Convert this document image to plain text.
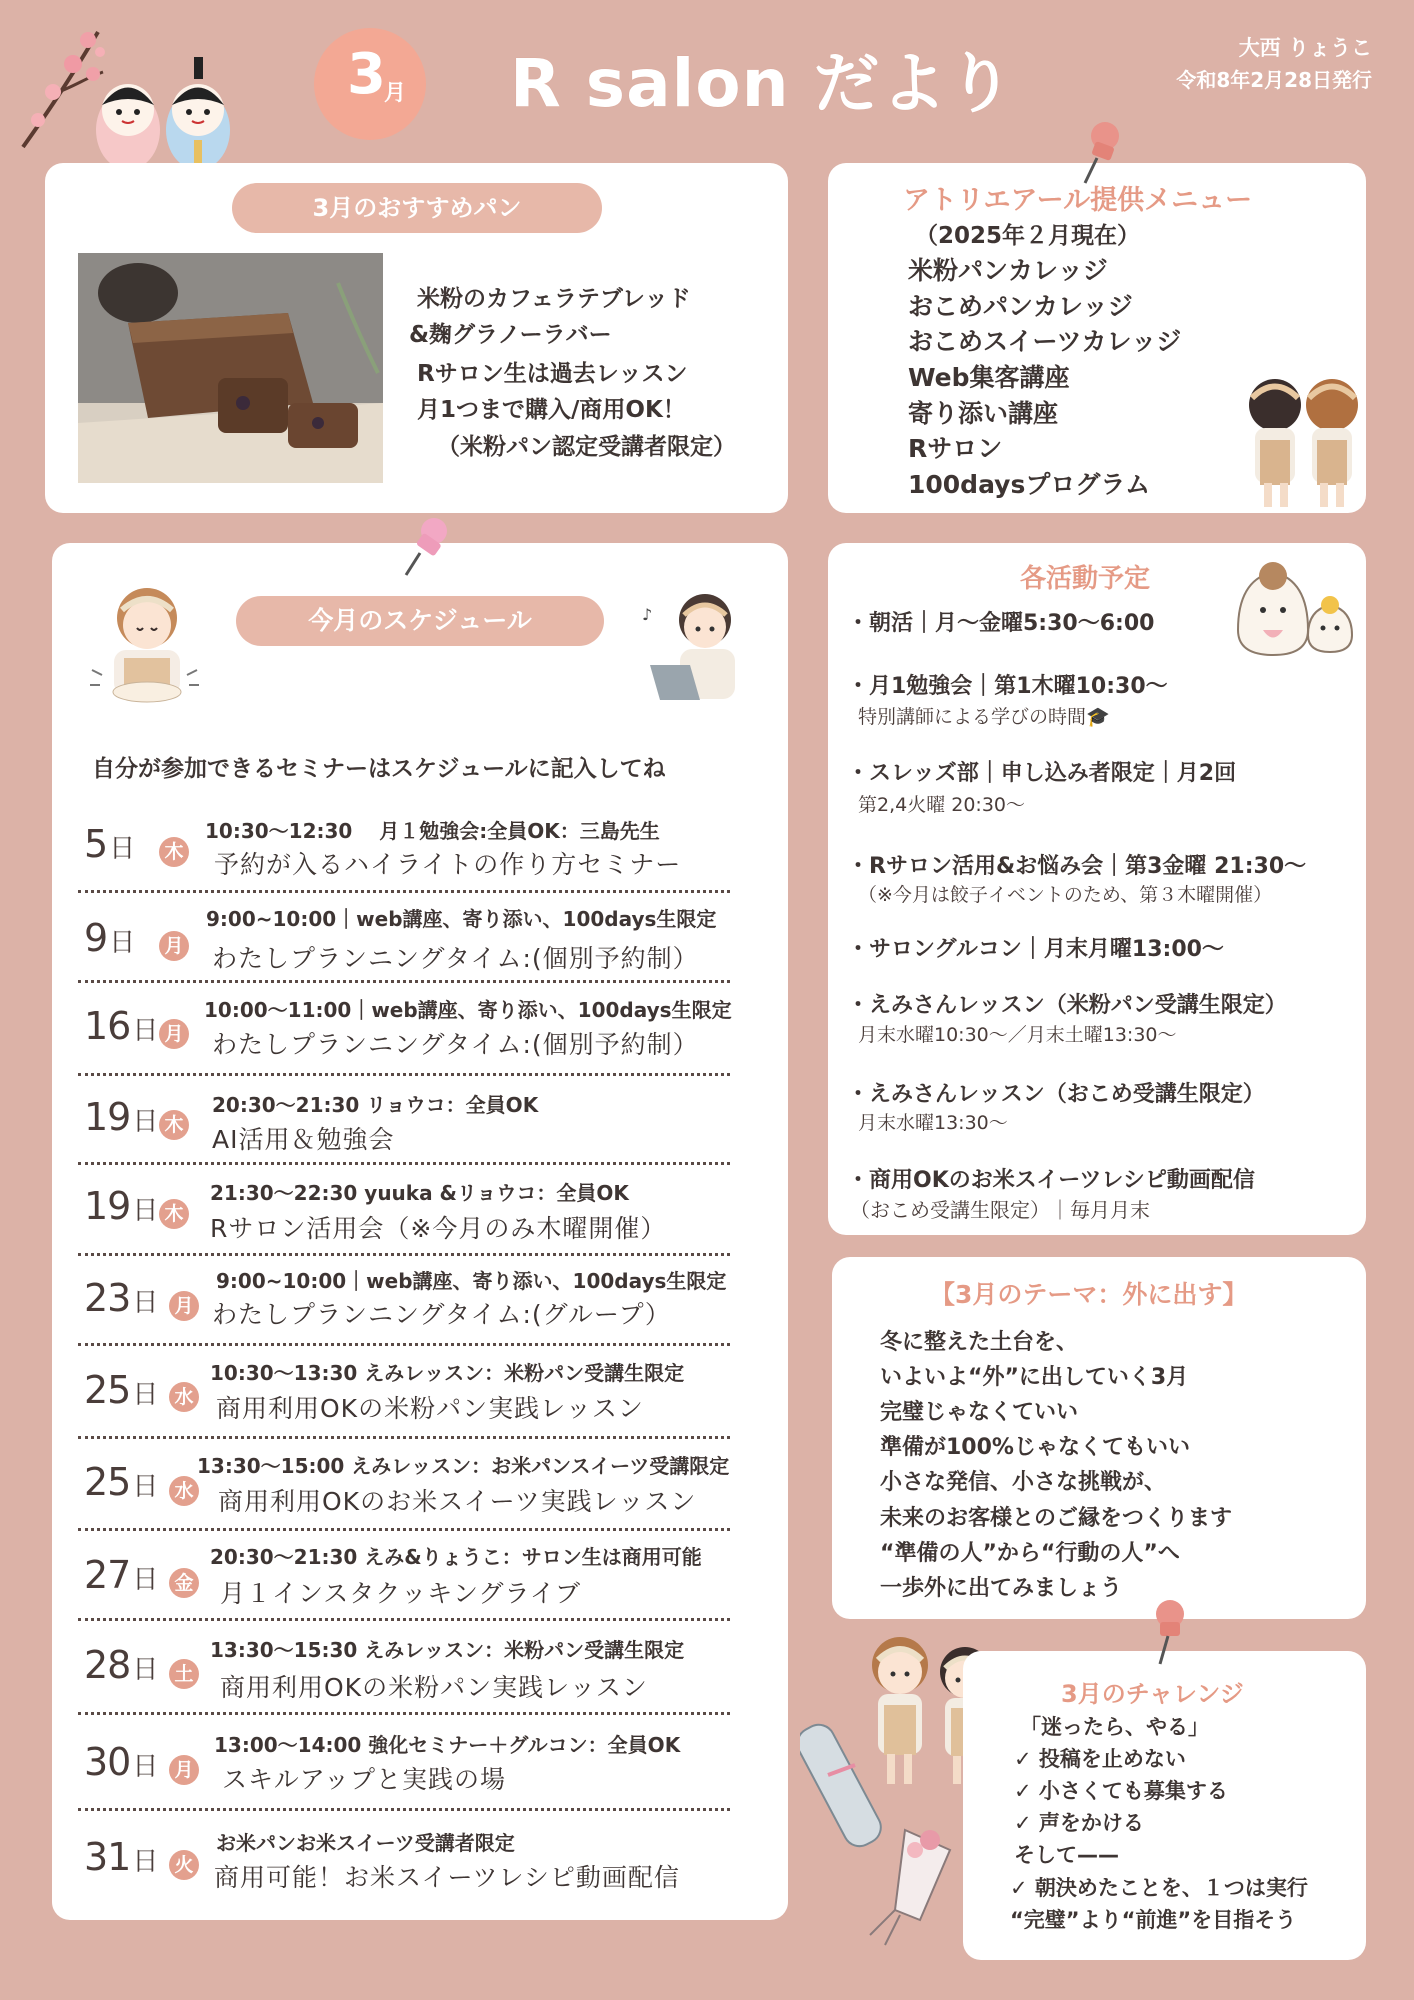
3
月 R salon だより	大西 りょうこ
令和8年2月28日発行
3月のおすすめパン
米粉のカフェラテブレッド
&麹グラノーラバー
Rサロン生は過去レッスン
月1つまで購入/商用OK！
（米粉パン認定受講者限定）
アトリエアール提供メニュー
（2025年２月現在）
米粉パンカレッジ
おこめパンカレッジ
おこめスイーツカレッジ
Web集客講座
寄り添い講座
Rサロン
100daysプログラム
今月のスケジュール	♪
自分が参加できるセミナーはスケジュールに記入してね
5日 木
10:30〜12:30　 月１勉強会:全員OK：三島先生
予約が入るハイライトの作り方セミナー
9日 月
9:00~10:00｜web講座、寄り添い、100days生限定
わたしプランニングタイム:(個別予約制）
16日 月
10:00〜11:00｜web講座、寄り添い、100days生限定
わたしプランニングタイム:(個別予約制）
19日 木
20:30〜21:30 リョウコ：全員OK
AI活用＆勉強会
19日 木
21:30〜22:30 yuuka &リョウコ：全員OK
Rサロン活用会（※今月のみ木曜開催）
23日 月
9:00~10:00｜web講座、寄り添い、100days生限定
わたしプランニングタイム:(グループ）
25日 水
10:30〜13:30 えみレッスン：米粉パン受講生限定
商用利用OKの米粉パン実践レッスン
25日 水
13:30〜15:00 えみレッスン：お米パンスイーツ受講限定
商用利用OKのお米スイーツ実践レッスン
27日 金
20:30〜21:30 えみ&りょうこ：サロン生は商用可能
月１インスタクッキングライブ
28日 土
13:30〜15:30 えみレッスン：米粉パン受講生限定
商用利用OKの米粉パン実践レッスン
30日 月
13:00〜14:00 強化セミナー＋グルコン：全員OK
スキルアップと実践の場
31日 火
お米パンお米スイーツ受講者限定
商用可能！お米スイーツレシピ動画配信
各活動予定
・朝活｜月〜金曜5:30〜6:00
・月1勉強会｜第1木曜10:30〜
特別講師による学びの時間🎓
・スレッズ部｜申し込み者限定｜月2回
第2,4火曜 20:30〜
・Rサロン活用&お悩み会｜第3金曜 21:30〜
（※今月は餃子イベントのため、第３木曜開催）
・サロングルコン｜月末月曜13:00〜
・えみさんレッスン（米粉パン受講生限定）
月末水曜10:30〜／月末土曜13:30〜
・えみさんレッスン（おこめ受講生限定）
月末水曜13:30〜
・商用OKのお米スイーツレシピ動画配信
（おこめ受講生限定）｜毎月月末
【3月のテーマ：外に出す】
冬に整えた土台を、
いよいよ“外”に出していく3月
完璧じゃなくていい
準備が100%じゃなくてもいい
小さな発信、小さな挑戦が、
未来のお客様とのご縁をつくります
“準備の人”から“行動の人”へ
一歩外に出てみましょう
3月のチャレンジ
「迷ったら、やる」
✓ 投稿を止めない
✓ 小さくても募集する
✓ 声をかける
そして——
✓ 朝決めたことを、１つは実行
“完璧”より“前進”を目指そう
